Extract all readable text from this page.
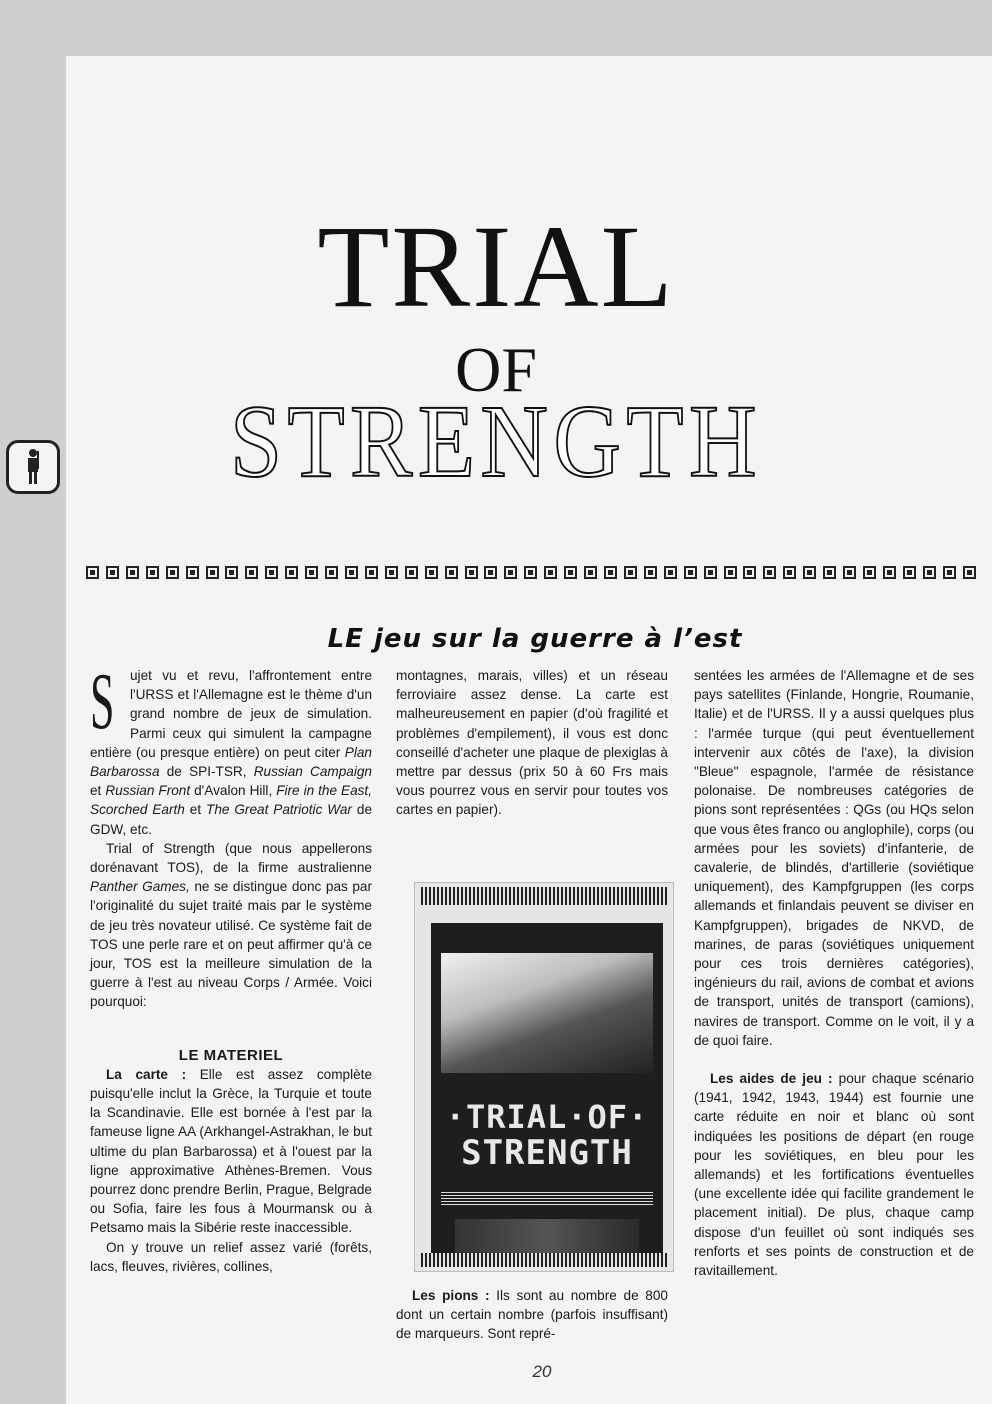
TRIAL
OF
STRENGTH
LE jeu sur la guerre à l’est

S ujet vu et revu, l'affrontement entre l'URSS et l'Allemagne est le thème d'un grand nombre de jeux de simulation. Parmi ceux qui simulent la campagne entière (ou presque entière) on peut citer Plan Barbarossa de SPI-TSR, Russian Campaign et Russian Front d'Avalon Hill, Fire in the East, Scorched Earth et The Great Patriotic War de GDW, etc.

Trial of Strength (que nous appellerons dorénavant TOS), de la firme australienne Panther Games, ne se distingue donc pas par l'originalité du sujet traité mais par le système de jeu très novateur utilisé. Ce système fait de TOS une perle rare et on peut affirmer qu'à ce jour, TOS est la meilleure simulation de la guerre à l'est au niveau Corps / Armée. Voici pourquoi:

LE MATERIEL

La carte : Elle est assez complète puisqu'elle inclut la Grèce, la Turquie et toute la Scandinavie. Elle est bornée à l'est par la fameuse ligne AA (Arkhangel-Astrakhan, le but ultime du plan Barbarossa) et à l'ouest par la ligne approximative Athènes-Bremen. Vous pourrez donc prendre Berlin, Prague, Belgrade ou Sofia, faire les fous à Mourmansk ou à Petsamo mais la Sibérie reste inaccessible.

On y trouve un relief assez varié (forêts, lacs, fleuves, rivières, collines,

montagnes, marais, villes) et un réseau ferroviaire assez dense. La carte est malheureusement en papier (d'où fragilité et problèmes d'empilement), il vous est donc conseillé d'acheter une plaque de plexiglas à mettre par dessus (prix 50 à 60 Frs mais vous pourrez vous en servir pour toutes vos cartes en papier).

·TRIAL·OF·
STRENGTH

Les pions : Ils sont au nombre de 800 dont un certain nombre (parfois insuffisant) de marqueurs. Sont repré-

sentées les armées de l'Allemagne et de ses pays satellites (Finlande, Hongrie, Roumanie, Italie) et de l'URSS. Il y a aussi quelques plus : l'armée turque (qui peut éventuellement intervenir aux côtés de l'axe), la division "Bleue" espagnole, l'armée de résistance polonaise. De nombreuses catégories de pions sont représentées : QGs (ou HQs selon que vous êtes franco ou anglophile), corps (ou armées pour les soviets) d'infanterie, de cavalerie, de blindés, d'artillerie (soviétique uniquement), des Kampfgruppen (les corps allemands et finlandais peuvent se diviser en Kampfgruppen), brigades de NKVD, de marines, de paras (soviétiques uniquement pour ces trois dernières catégories), ingénieurs du rail, avions de combat et avions de transport, unités de transport (camions), navires de transport. Comme on le voit, il y a de quoi faire.

Les aides de jeu : pour chaque scénario (1941, 1942, 1943, 1944) est fournie une carte réduite en noir et blanc où sont indiquées les positions de départ (en rouge pour les soviétiques, en bleu pour les allemands) et les fortifications éventuelles (une excellente idée qui facilite grandement le placement initial). De plus, chaque camp dispose d'un feuillet où sont indiqués ses renforts et ses points de construction et de ravitaillement.

20
